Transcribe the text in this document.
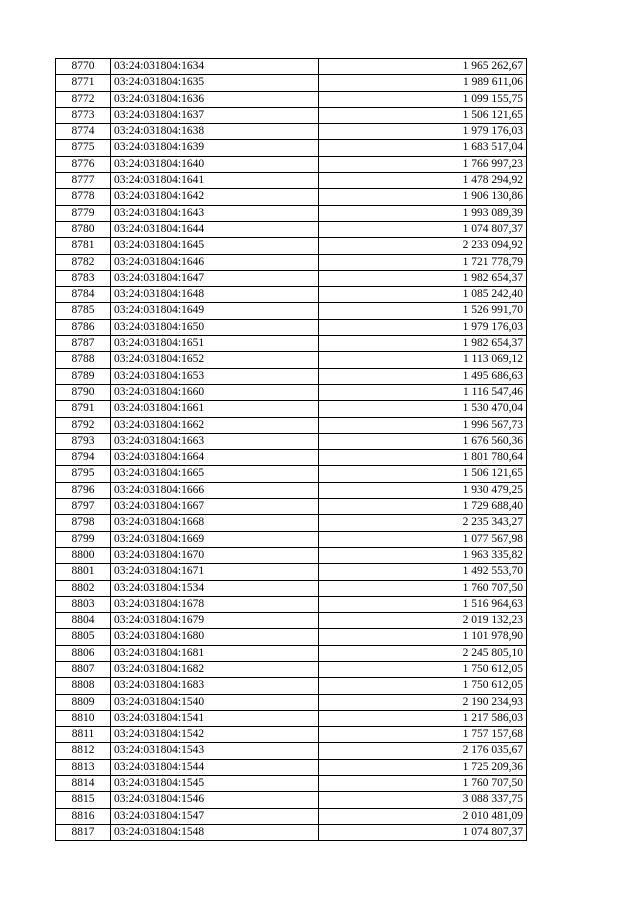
8770	03:24:031804:1634	1 965 262,67
8771	03:24:031804:1635	1 989 611,06
8772	03:24:031804:1636	1 099 155,75
8773	03:24:031804:1637	1 506 121,65
8774	03:24:031804:1638	1 979 176,03
8775	03:24:031804:1639	1 683 517,04
8776	03:24:031804:1640	1 766 997,23
8777	03:24:031804:1641	1 478 294,92
8778	03:24:031804:1642	1 906 130,86
8779	03:24:031804:1643	1 993 089,39
8780	03:24:031804:1644	1 074 807,37
8781	03:24:031804:1645	2 233 094,92
8782	03:24:031804:1646	1 721 778,79
8783	03:24:031804:1647	1 982 654,37
8784	03:24:031804:1648	1 085 242,40
8785	03:24:031804:1649	1 526 991,70
8786	03:24:031804:1650	1 979 176,03
8787	03:24:031804:1651	1 982 654,37
8788	03:24:031804:1652	1 113 069,12
8789	03:24:031804:1653	1 495 686,63
8790	03:24:031804:1660	1 116 547,46
8791	03:24:031804:1661	1 530 470,04
8792	03:24:031804:1662	1 996 567,73
8793	03:24:031804:1663	1 676 560,36
8794	03:24:031804:1664	1 801 780,64
8795	03:24:031804:1665	1 506 121,65
8796	03:24:031804:1666	1 930 479,25
8797	03:24:031804:1667	1 729 688,40
8798	03:24:031804:1668	2 235 343,27
8799	03:24:031804:1669	1 077 567,98
8800	03:24:031804:1670	1 963 335,82
8801	03:24:031804:1671	1 492 553,70
8802	03:24:031804:1534	1 760 707,50
8803	03:24:031804:1678	1 516 964,63
8804	03:24:031804:1679	2 019 132,23
8805	03:24:031804:1680	1 101 978,90
8806	03:24:031804:1681	2 245 805,10
8807	03:24:031804:1682	1 750 612,05
8808	03:24:031804:1683	1 750 612,05
8809	03:24:031804:1540	2 190 234,93
8810	03:24:031804:1541	1 217 586,03
8811	03:24:031804:1542	1 757 157,68
8812	03:24:031804:1543	2 176 035,67
8813	03:24:031804:1544	1 725 209,36
8814	03:24:031804:1545	1 760 707,50
8815	03:24:031804:1546	3 088 337,75
8816	03:24:031804:1547	2 010 481,09
8817	03:24:031804:1548	1 074 807,37
